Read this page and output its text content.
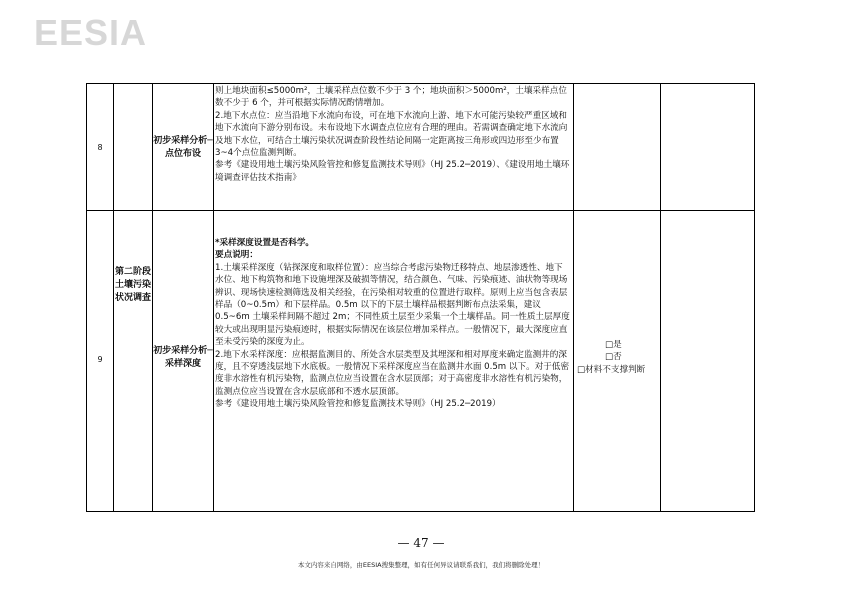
EESIA
8
初步采样分析─点位布设

则上地块面积≤5000m²，土壤采样点位数不少于 3 个；地块面积＞5000m²，土壤采样点位数不少于 6 个，并可根据实际情况酌情增加。

2.地下水点位：应当沿地下水流向布设，可在地下水流向上游、地下水可能污染较严重区域和地下水流向下游分别布设。未布设地下水调查点位应有合理的理由。若需调查确定地下水流向及地下水位，可结合土壤污染状况调查阶段性结论间隔一定距离按三角形或四边形至少布置 3~4个点位监测判断。

参考《建设用地土壤污染风险管控和修复监测技术导则》（HJ 25.2─2019）、《建设用地土壤环境调查评估技术指南》

9
第二阶段土壤污染状况调查
初步采样分析─采样深度

*采样深度设置是否科学。

要点说明：

1.土壤采样深度（钻探深度和取样位置）：应当综合考虑污染物迁移特点、地层渗透性、地下水位、地下构筑物和地下设施埋深及破损等情况，结合颜色、气味、污染痕迹、油状物等现场辨识、现场快速检测筛选及相关经验，在污染相对较重的位置进行取样。原则上应当包含表层样品（0~0.5m）和下层样品。0.5m 以下的下层土壤样品根据判断布点法采集，建议 0.5~6m 土壤采样间隔不超过 2m；不同性质土层至少采集一个土壤样品。同一性质土层厚度较大或出现明显污染痕迹时，根据实际情况在该层位增加采样点。一般情况下，最大深度应直至未受污染的深度为止。

2.地下水采样深度：应根据监测目的、所处含水层类型及其埋深和相对厚度来确定监测井的深度，且不穿透浅层地下水底板。一般情况下采样深度应当在监测井水面 0.5m 以下。对于低密度非水溶性有机污染物，监测点位应当设置在含水层顶部；对于高密度非水溶性有机污染物，监测点位应当设置在含水层底部和不透水层顶部。

参考《建设用地土壤污染风险管控和修复监测技术导则》（HJ 25.2─2019）

□是
□否
□材料不支撑判断
— 47 —
本文内容来自网络，由EESIA搜集整理，如有任何异议请联系我们，我们将删除处理！
